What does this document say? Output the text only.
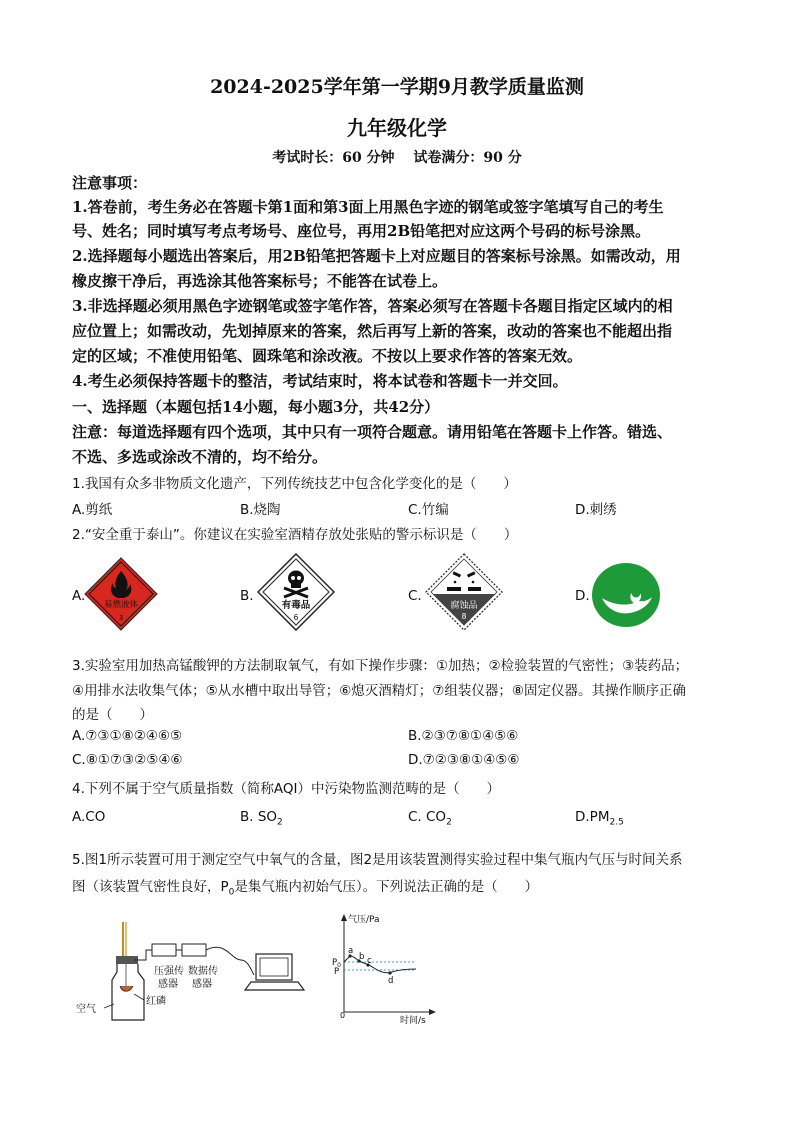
2024-2025学年第一学期9月教学质量监测
九年级化学
考试时长：60 分钟　 试卷满分：90 分
注意事项：
1.答卷前，考生务必在答题卡第1面和第3面上用黑色字迹的钢笔或签字笔填写自己的考生
号、姓名；同时填写考点考场号、座位号，再用2B铅笔把对应这两个号码的标号涂黑。
2.选择题每小题选出答案后，用2B铅笔把答题卡上对应题目的答案标号涂黑。如需改动，用
橡皮擦干净后，再选涂其他答案标号；不能答在试卷上。
3.非选择题必须用黑色字迹钢笔或签字笔作答，答案必须写在答题卡各题目指定区域内的相
应位置上；如需改动，先划掉原来的答案，然后再写上新的答案，改动的答案也不能超出指
定的区域；不准使用铅笔、圆珠笔和涂改液。不按以上要求作答的答案无效。
4.考生必须保持答题卡的整洁，考试结束时，将本试卷和答题卡一并交回。
一、选择题（本题包括14小题，每小题3分，共42分）
注意：每道选择题有四个选项，其中只有一项符合题意。请用铅笔在答题卡上作答。错选、
不选、多选或涂改不清的，均不给分。
1.我国有众多非物质文化遗产，下列传统技艺中包含化学变化的是（　　）
A.剪纸	B.烧陶	C.竹编	D.刺绣
2.“安全重于泰山”。你建议在实验室酒精存放处张贴的警示标识是（　　）
A.	B.	C.	D.
易燃液体
3
有毒品
6
腐蚀品
8
3.实验室用加热高锰酸钾的方法制取氧气，有如下操作步骤：①加热；②检验装置的气密性；③装药品；
④用排水法收集气体；⑤从水槽中取出导管；⑥熄灭酒精灯；⑦组装仪器；⑧固定仪器。其操作顺序正确
的是（　　）
A.⑦③①⑧②④⑥⑤	B.②③⑦⑧①④⑤⑥
C.⑧①⑦③②⑤④⑥	D.⑦②③⑧①④⑤⑥
4.下列不属于空气质量指数（简称AQI）中污染物监测范畴的是（　　）
A.CO	B. $SO_2$	C. $CO_2$	$D.PM_{2.5}$
5.图1所示装置可用于测定空气中氧气的含量，图2是用该装置测得实验过程中集气瓶内气压与时间关系
图（该装置气密性良好，$P_0$是集气瓶内初始气压）。下列说法正确的是（　　）
压强传
感器
数据传
感器
红磷
空气
气压/Pa
时间/s
0
$P_0$
P
a
b c
d
